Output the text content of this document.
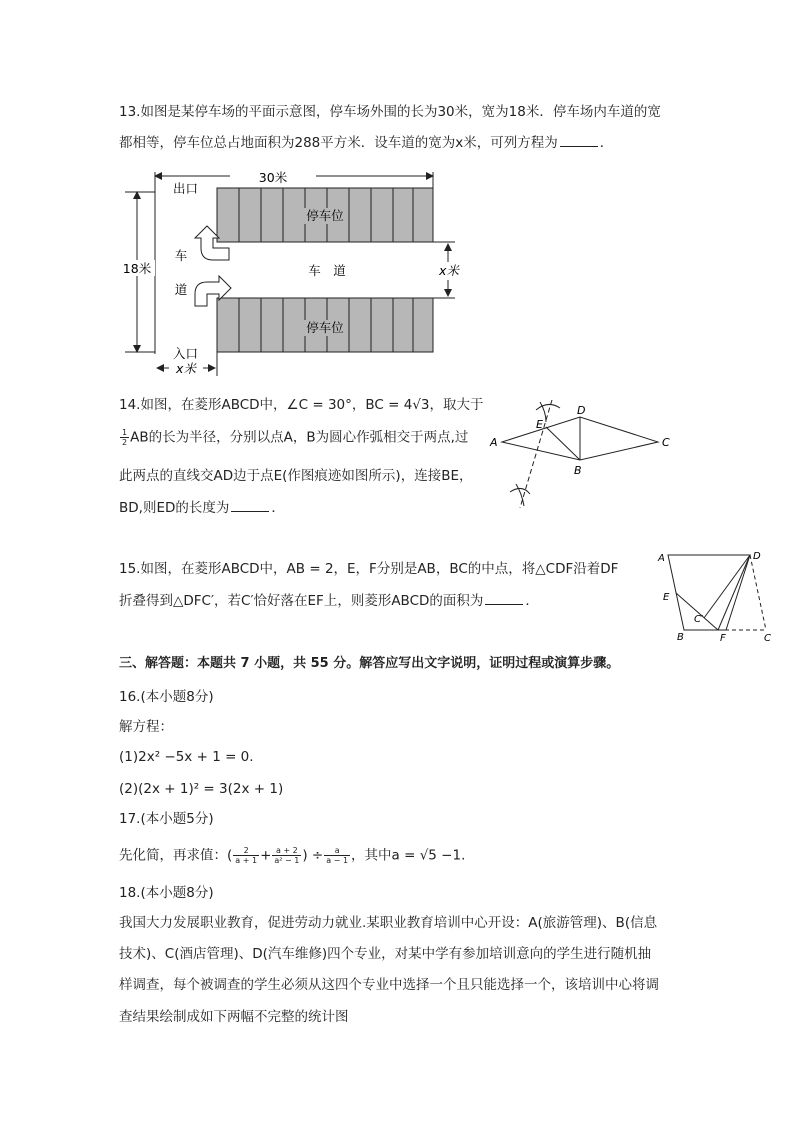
13.如图是某停车场的平面示意图，停车场外围的长为30米，宽为18米．停车场内车道的宽
都相等，停车位总占地面积为288平方米．设车道的宽为x米，可列方程为	．
30米
18米
出口
入口
停车位
停车位
车　道
车
道
x米
x米
14.如图，在菱形ABCD中，∠C = 30°，BC = 4√3，取大于
$\frac{1}{2}$ AB的长为半径，分别以点A，B为圆心作弧相交于两点,过
此两点的直线交AD边于点E(作图痕迹如图所示)，连接BE，
BD,则ED的长度为	．
A
D
C
B
E
15.如图，在菱形ABCD中，AB = 2，E，F分别是AB，BC的中点，将△CDF沿着DF
折叠得到△DFC′，若C′恰好落在EF上，则菱形ABCD的面积为	．
A	D
E
B	F	C
C′
三、解答题：本题共 7 小题，共 55 分。解答应写出文字说明，证明过程或演算步骤。
16.(本小题8分)
解方程：
(1)2x² −5x + 1 = 0.
(2)(2x + 1)² = 3(2x + 1)
17.(本小题5分)
先化简，再求值：( $\frac{2}{a + 1} + \frac{a + 2}{\text{a² − 1}}$ ) ÷ $\frac{a}{a - 1}$ ，其中a = √5 −1.
18.(本小题8分)
我国大力发展职业教育，促进劳动力就业.某职业教育培训中心开设：A(旅游管理)、B(信息
技术)、C(酒店管理)、D(汽车维修)四个专业，对某中学有参加培训意向的学生进行随机抽
样调查，每个被调查的学生必须从这四个专业中选择一个且只能选择一个，该培训中心将调
查结果绘制成如下两幅不完整的统计图
